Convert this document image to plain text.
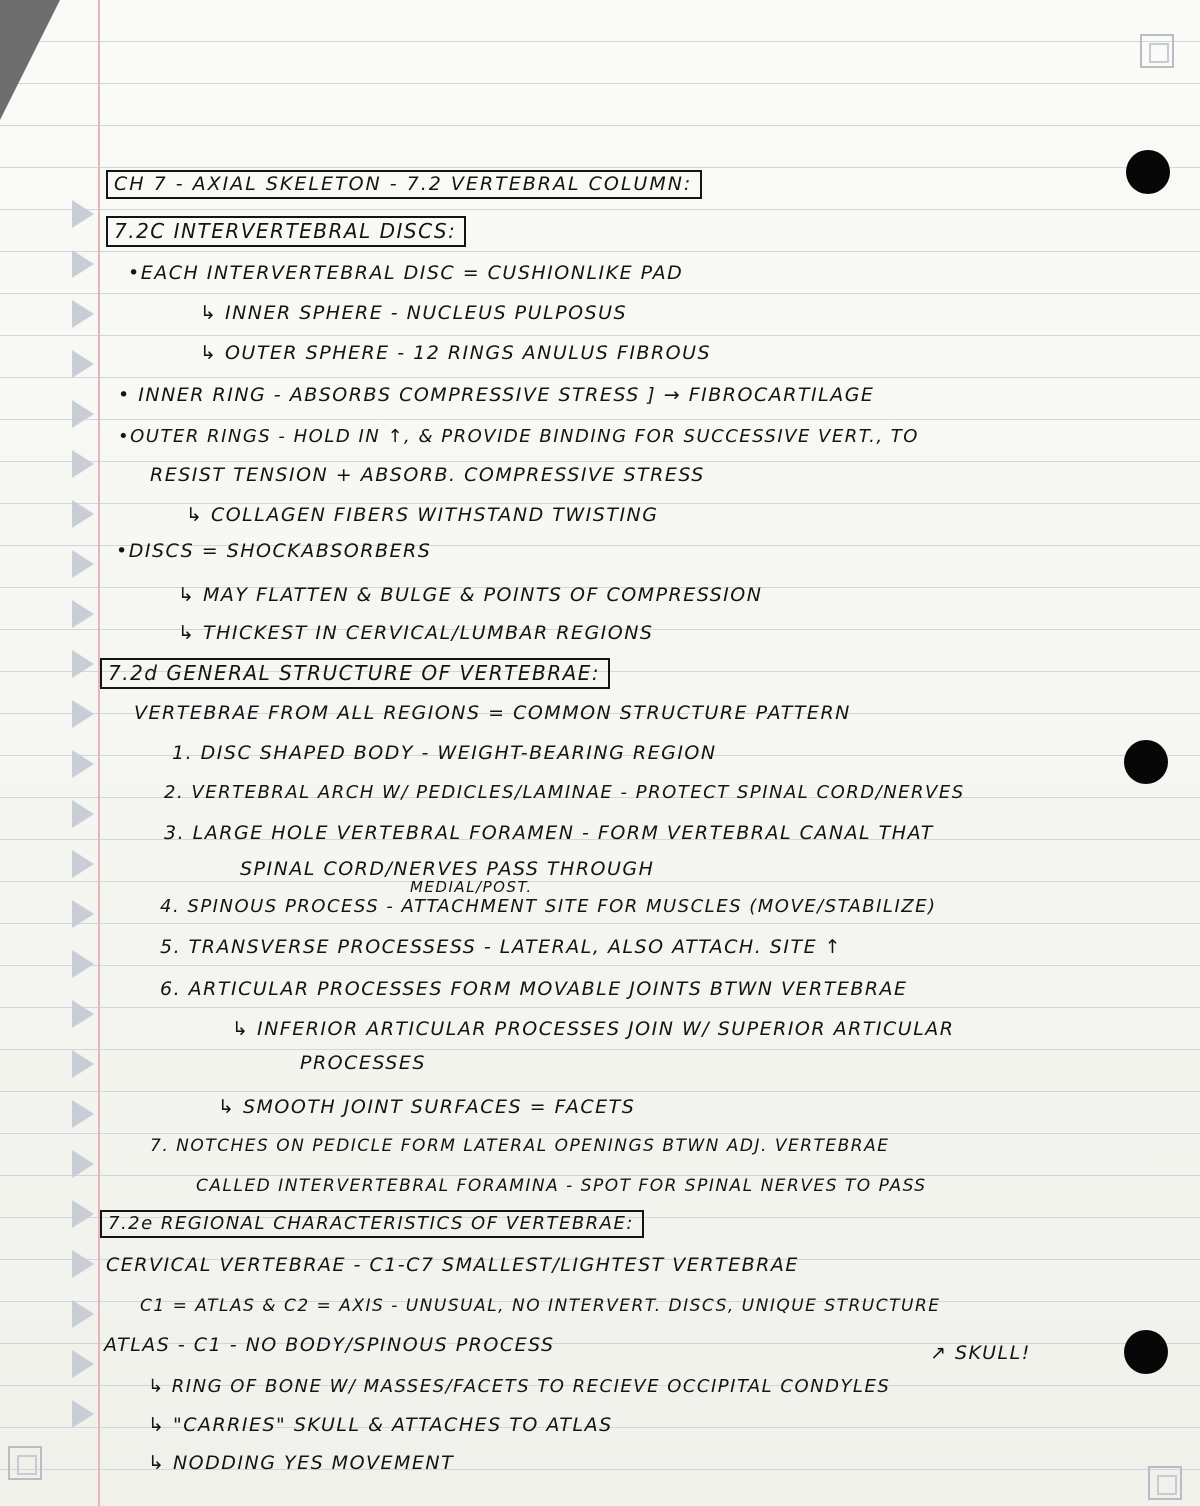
CH 7 - AXIAL SKELETON - 7.2 VERTEBRAL COLUMN:
7.2C INTERVERTEBRAL DISCS:
•EACH INTERVERTEBRAL DISC = CUSHIONLIKE PAD
↳ INNER SPHERE - NUCLEUS PULPOSUS
↳ OUTER SPHERE - 12 RINGS ANULUS FIBROUS
• INNER RING - ABSORBS COMPRESSIVE STRESS ] → FIBROCARTILAGE
•OUTER RINGS - HOLD IN ↑, & PROVIDE BINDING FOR SUCCESSIVE VERT., TO
RESIST TENSION + ABSORB. COMPRESSIVE STRESS
↳ COLLAGEN FIBERS WITHSTAND TWISTING
•DISCS = SHOCKABSORBERS
↳ MAY FLATTEN & BULGE & POINTS OF COMPRESSION
↳ THICKEST IN CERVICAL/LUMBAR REGIONS
7.2d GENERAL STRUCTURE OF VERTEBRAE:
VERTEBRAE FROM ALL REGIONS = COMMON STRUCTURE PATTERN
1. DISC SHAPED BODY - WEIGHT-BEARING REGION
2. VERTEBRAL ARCH W/ PEDICLES/LAMINAE - PROTECT SPINAL CORD/NERVES
3. LARGE HOLE VERTEBRAL FORAMEN - FORM VERTEBRAL CANAL THAT
SPINAL CORD/NERVES PASS THROUGH
MEDIAL/POST.
4. SPINOUS PROCESS - ATTACHMENT SITE FOR MUSCLES (MOVE/STABILIZE)
5. TRANSVERSE PROCESSESS - LATERAL, ALSO ATTACH. SITE ↑
6. ARTICULAR PROCESSES FORM MOVABLE JOINTS BTWN VERTEBRAE
↳ INFERIOR ARTICULAR PROCESSES JOIN W/ SUPERIOR ARTICULAR
PROCESSES
↳ SMOOTH JOINT SURFACES = FACETS
7. NOTCHES ON PEDICLE FORM LATERAL OPENINGS BTWN ADJ. VERTEBRAE
CALLED INTERVERTEBRAL FORAMINA - SPOT FOR SPINAL NERVES TO PASS
7.2e REGIONAL CHARACTERISTICS OF VERTEBRAE:
CERVICAL VERTEBRAE - C1-C7 SMALLEST/LIGHTEST VERTEBRAE
C1 = ATLAS & C2 = AXIS - UNUSUAL, NO INTERVERT. DISCS, UNIQUE STRUCTURE
ATLAS - C1 - NO BODY/SPINOUS PROCESS	↗ SKULL!
↳ RING OF BONE W/ MASSES/FACETS TO RECIEVE OCCIPITAL CONDYLES
↳ "CARRIES" SKULL & ATTACHES TO ATLAS
↳ NODDING YES MOVEMENT
